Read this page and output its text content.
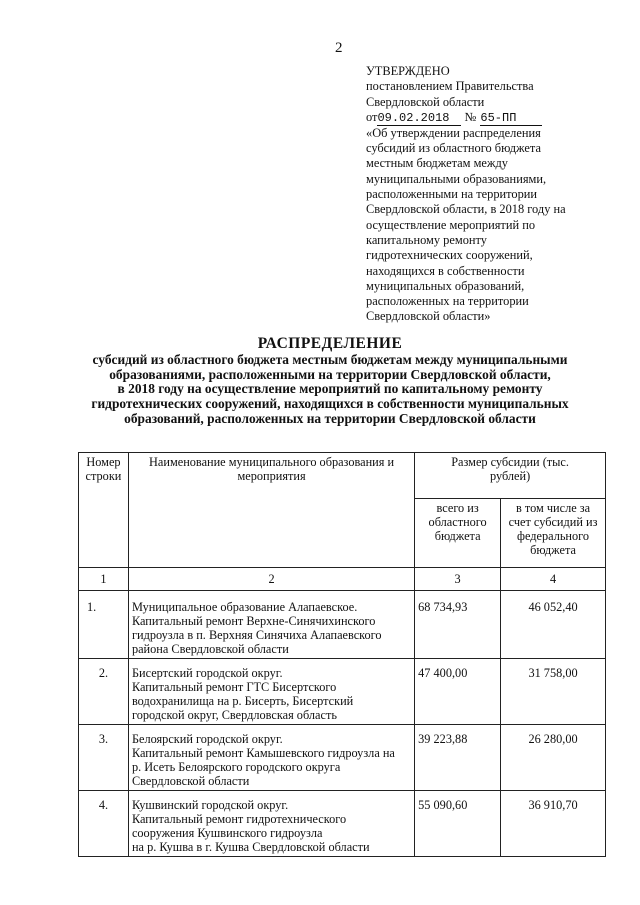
2
УТВЕРЖДЕНО
постановлением Правительства
Свердловской области
от09.02.2018 № 65-ПП
«Об утверждении распределения
субсидий из областного бюджета
местным бюджетам между
муниципальными образованиями,
расположенными на территории
Свердловской области, в 2018 году на
осуществление мероприятий по
капитальному ремонту
гидротехнических сооружений,
находящихся в собственности
муниципальных образований,
расположенных на территории
Свердловской области»
РАСПРЕДЕЛЕНИЕ
субсидий из областного бюджета местным бюджетам между муниципальными
образованиями, расположенными на территории Свердловской области,
в 2018 году на осуществление мероприятий по капитальному ремонту
гидротехнических сооружений, находящихся в собственности муниципальных
образований, расположенных на территории Свердловской области
Номер строки	Наименование муниципального образования и мероприятия	Размер субсидии (тыс. рублей)	
		всего из областного бюджета	в том числе за счет субсидий из федерального бюджета
1	2	3	4
1.	Муниципальное образование Алапаевское.
Капитальный ремонт Верхне-Синячихинского
гидроузла в п. Верхняя Синячиха Алапаевского
района Свердловской области	68 734,93	46 052,40
2.	Бисертский городской округ.
Капитальный ремонт ГТС Бисертского
водохранилища на р. Бисерть, Бисертский
городской округ, Свердловская область	47 400,00	31 758,00
3.	Белоярский городской округ.
Капитальный ремонт Камышевского гидроузла на
р. Исеть Белоярского городского округа
Свердловской области	39 223,88	26 280,00
4.	Кушвинский городской округ.
Капитальный ремонт гидротехнического
сооружения Кушвинского гидроузла
на р. Кушва в г. Кушва Свердловской области	55 090,60	36 910,70
